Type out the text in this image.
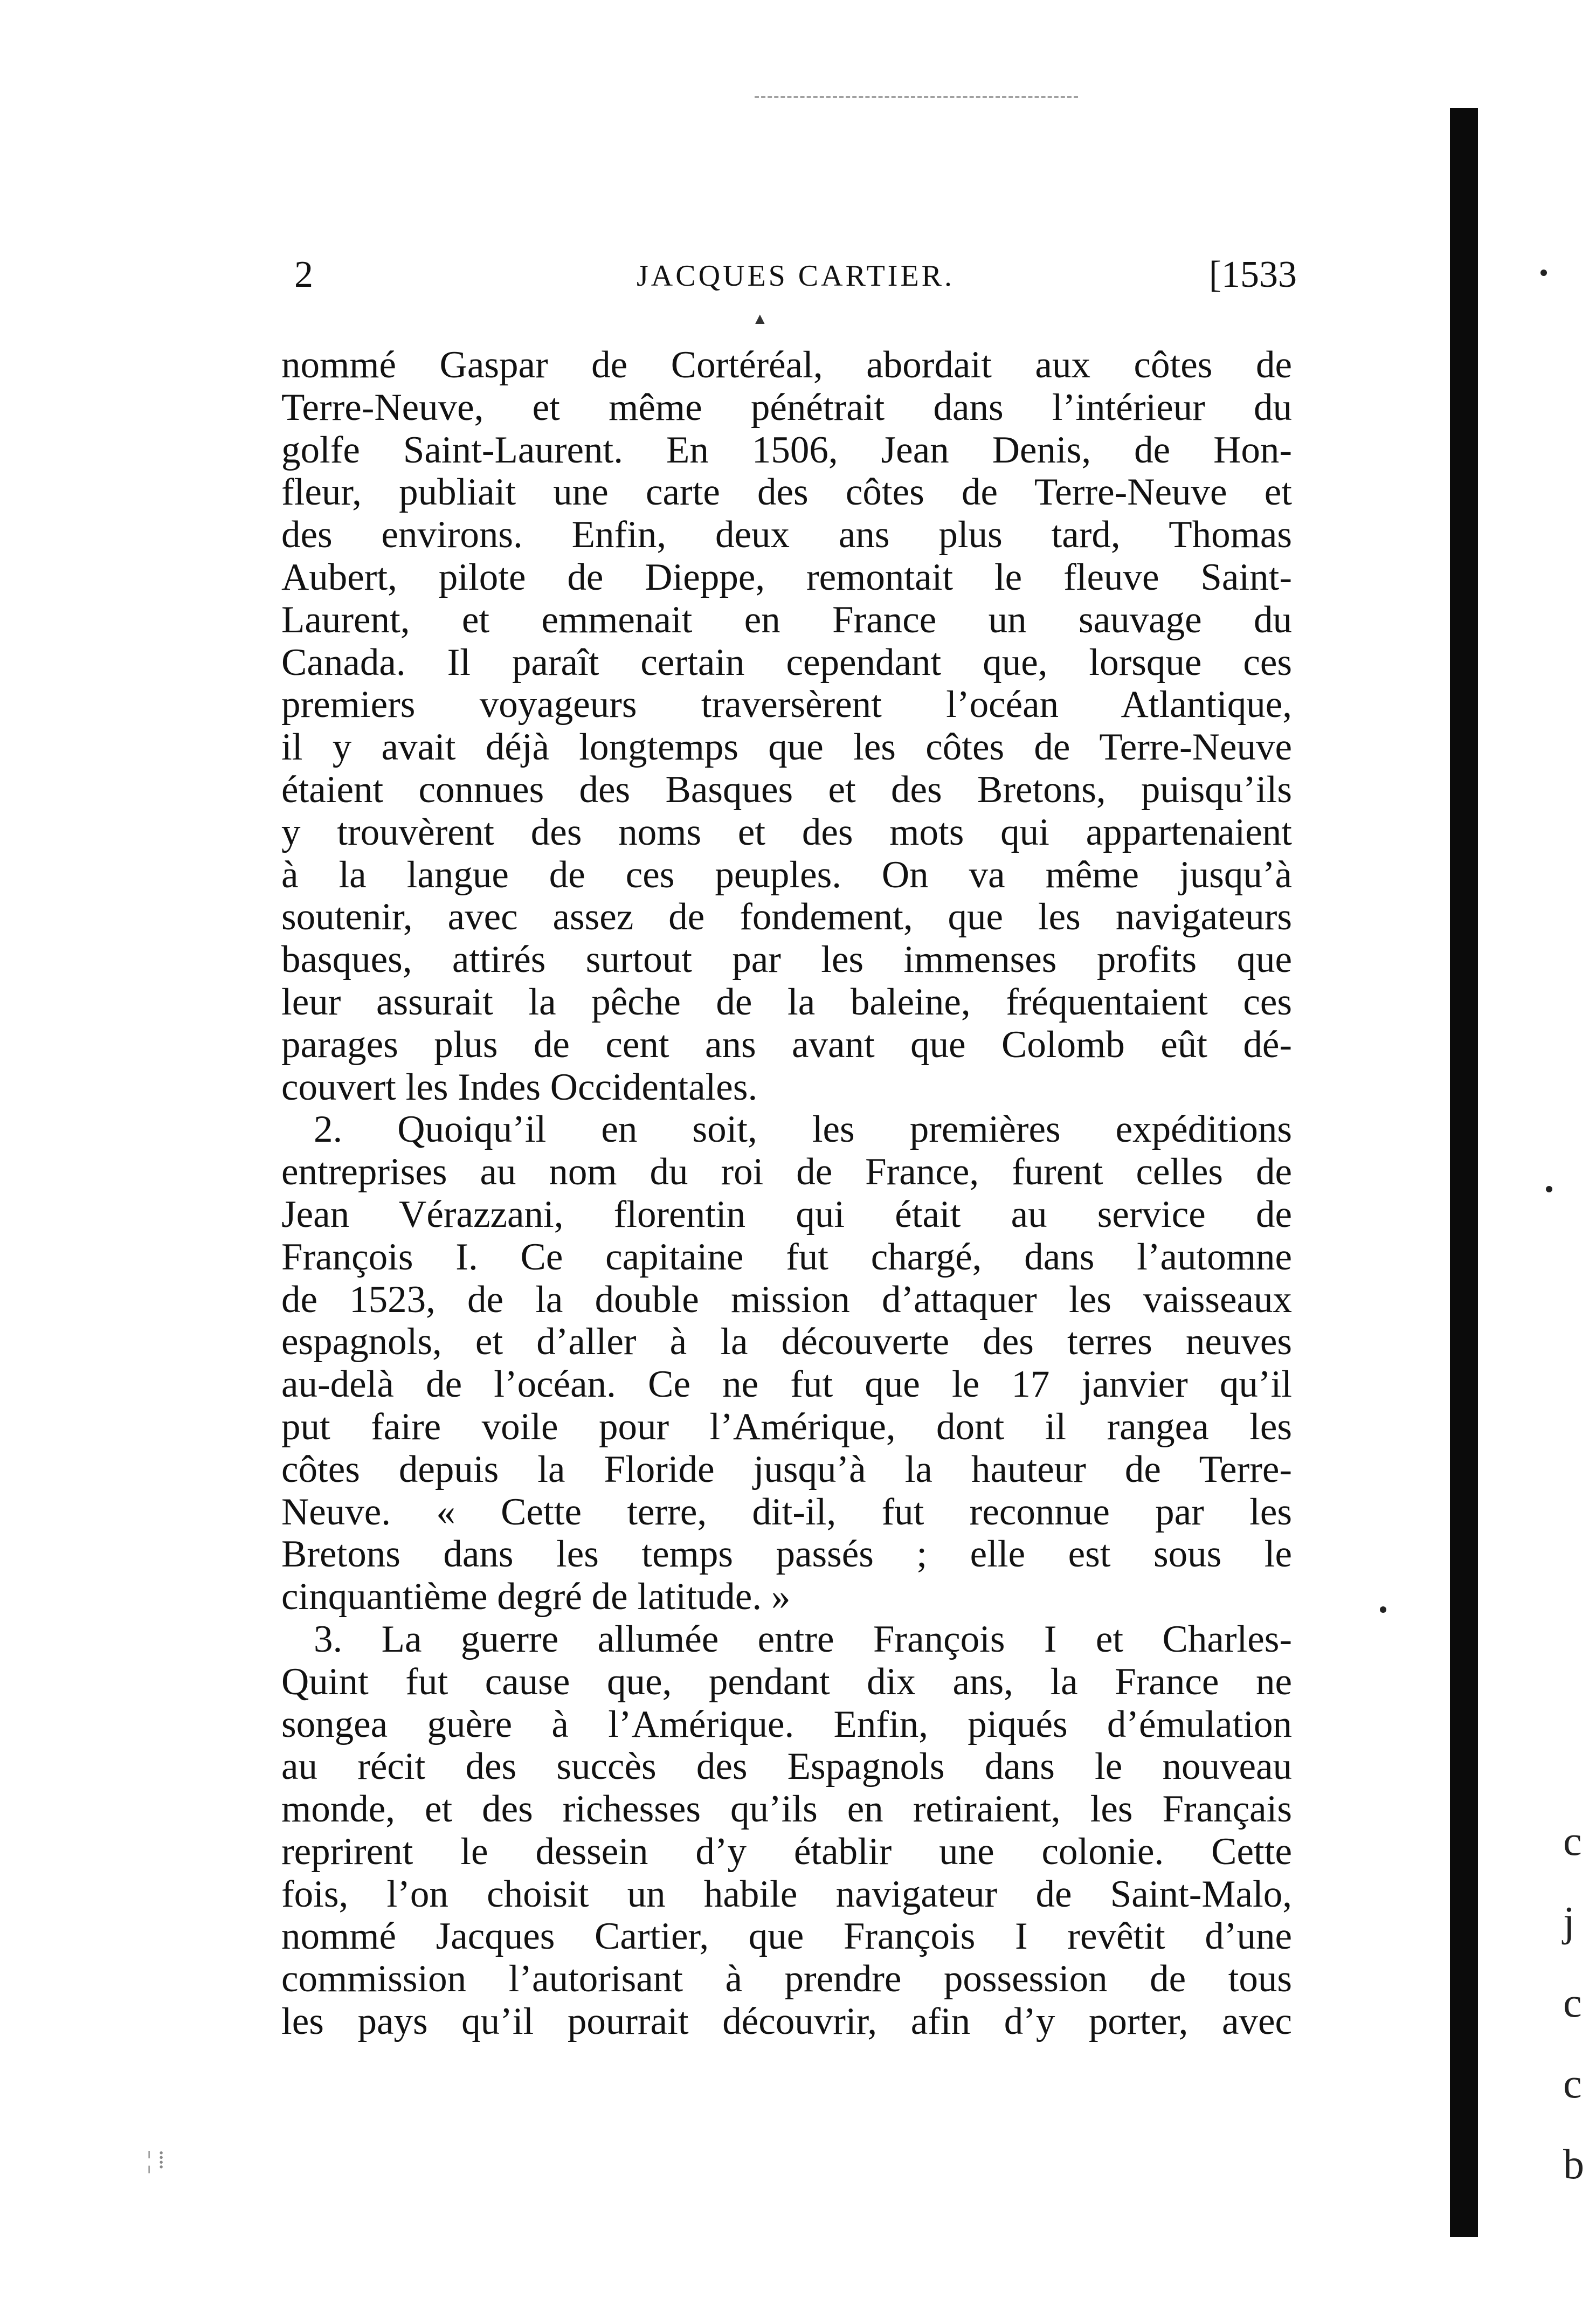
c
j
c
c
b
2	JACQUES CARTIER.	[1533
▲
nommé Gaspar de Cortéréal, abordait aux côtes de
Terre-Neuve, et même pénétrait dans l’intérieur du
golfe Saint-Laurent. En 1506, Jean Denis, de Hon-
fleur, publiait une carte des côtes de Terre-Neuve et
des environs. Enfin, deux ans plus tard, Thomas
Aubert, pilote de Dieppe, remontait le fleuve Saint-
Laurent, et emmenait en France un sauvage du
Canada. Il paraît certain cependant que, lorsque ces
premiers voyageurs traversèrent l’océan Atlantique,
il y avait déjà longtemps que les côtes de Terre-Neuve
étaient connues des Basques et des Bretons, puisqu’ils
y trouvèrent des noms et des mots qui appartenaient
à la langue de ces peuples. On va même jusqu’à
soutenir, avec assez de fondement, que les navigateurs
basques, attirés surtout par les immenses profits que
leur assurait la pêche de la baleine, fréquentaient ces
parages plus de cent ans avant que Colomb eût dé-
couvert les Indes Occidentales.
2. Quoiqu’il en soit, les premières expéditions
entreprises au nom du roi de France, furent celles de
Jean Vérazzani, florentin qui était au service de
François I. Ce capitaine fut chargé, dans l’automne
de 1523, de la double mission d’attaquer les vaisseaux
espagnols, et d’aller à la découverte des terres neuves
au-delà de l’océan. Ce ne fut que le 17 janvier qu’il
put faire voile pour l’Amérique, dont il rangea les
côtes depuis la Floride jusqu’à la hauteur de Terre-
Neuve. « Cette terre, dit-il, fut reconnue par les
Bretons dans les temps passés ; elle est sous le
cinquantième degré de latitude. »
3. La guerre allumée entre François I et Charles-
Quint fut cause que, pendant dix ans, la France ne
songea guère à l’Amérique. Enfin, piqués d’émulation
au récit des succès des Espagnols dans le nouveau
monde, et des richesses qu’ils en retiraient, les Français
reprirent le dessein d’y établir une colonie. Cette
fois, l’on choisit un habile navigateur de Saint-Malo,
nommé Jacques Cartier, que François I revêtit d’une
commission l’autorisant à prendre possession de tous
les pays qu’il pourrait découvrir, afin d’y porter, avec
¦ ⁞
